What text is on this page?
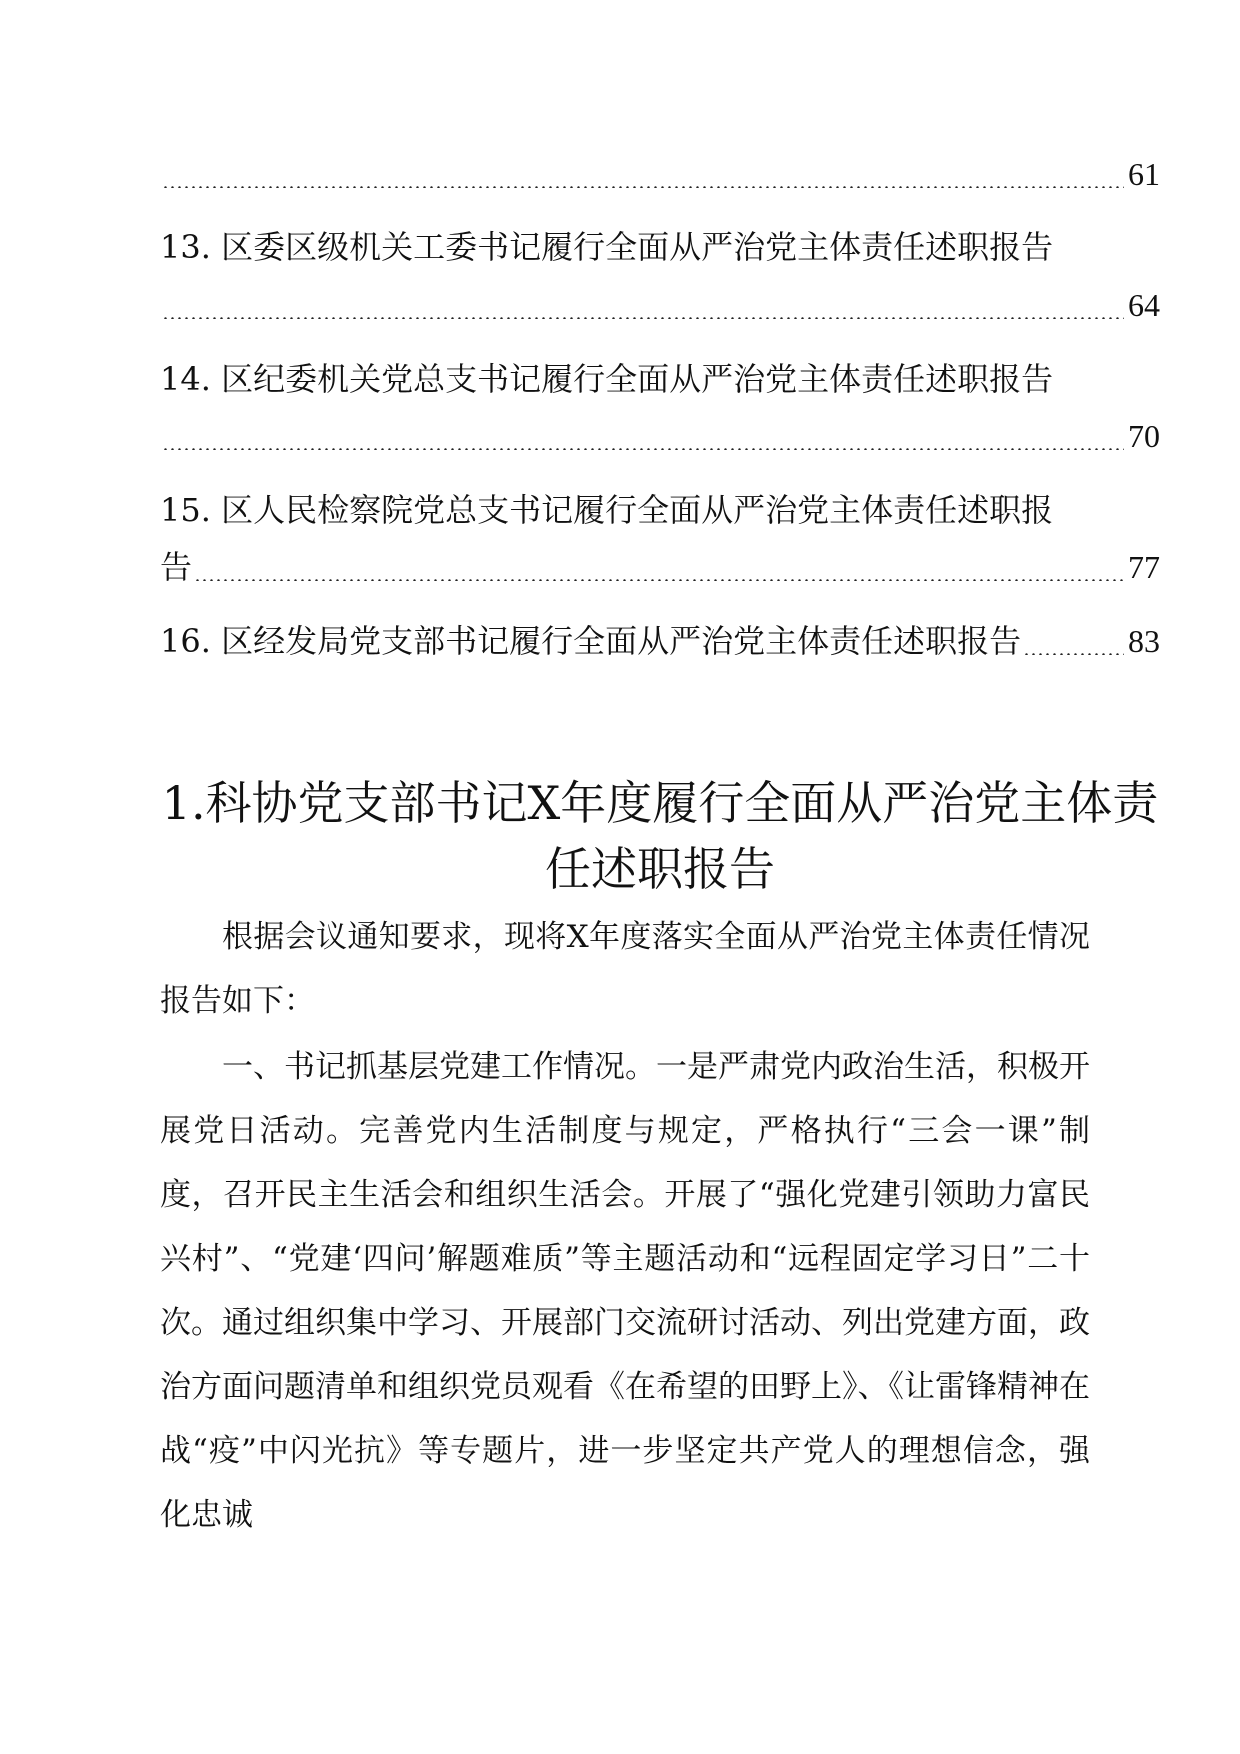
61
13. 区委区级机关工委书记履行全面从严治党主体责任述职报告
64
14. 区纪委机关党总支书记履行全面从严治党主体责任述职报告
70
15. 区人民检察院党总支书记履行全面从严治党主体责任述职报
告	77
16. 区经发局党支部书记履行全面从严治党主体责任述职报告	83
1.科协党支部书记X年度履行全面从严治党主体责任述职报告

根据会议通知要求，现将X年度落实全面从严治党主体责任情况报告如下：

一、书记抓基层党建工作情况。一是严肃党内政治生活，积极开展党日活动。完善党内生活制度与规定，严格执行“三会一课”制度，召开民主生活会和组织生活会。开展了“强化党建引领助力富民兴村”、“党建‘四问’解题难质”等主题活动和“远程固定学习日”二十次。通过组织集中学习、开展部门交流研讨活动、列出党建方面，政治方面问题清单和组织党员观看《在希望的田野上》、《让雷锋精神在战“疫”中闪光抗》等专题片，进一步坚定共产党人的理想信念，强化忠诚
